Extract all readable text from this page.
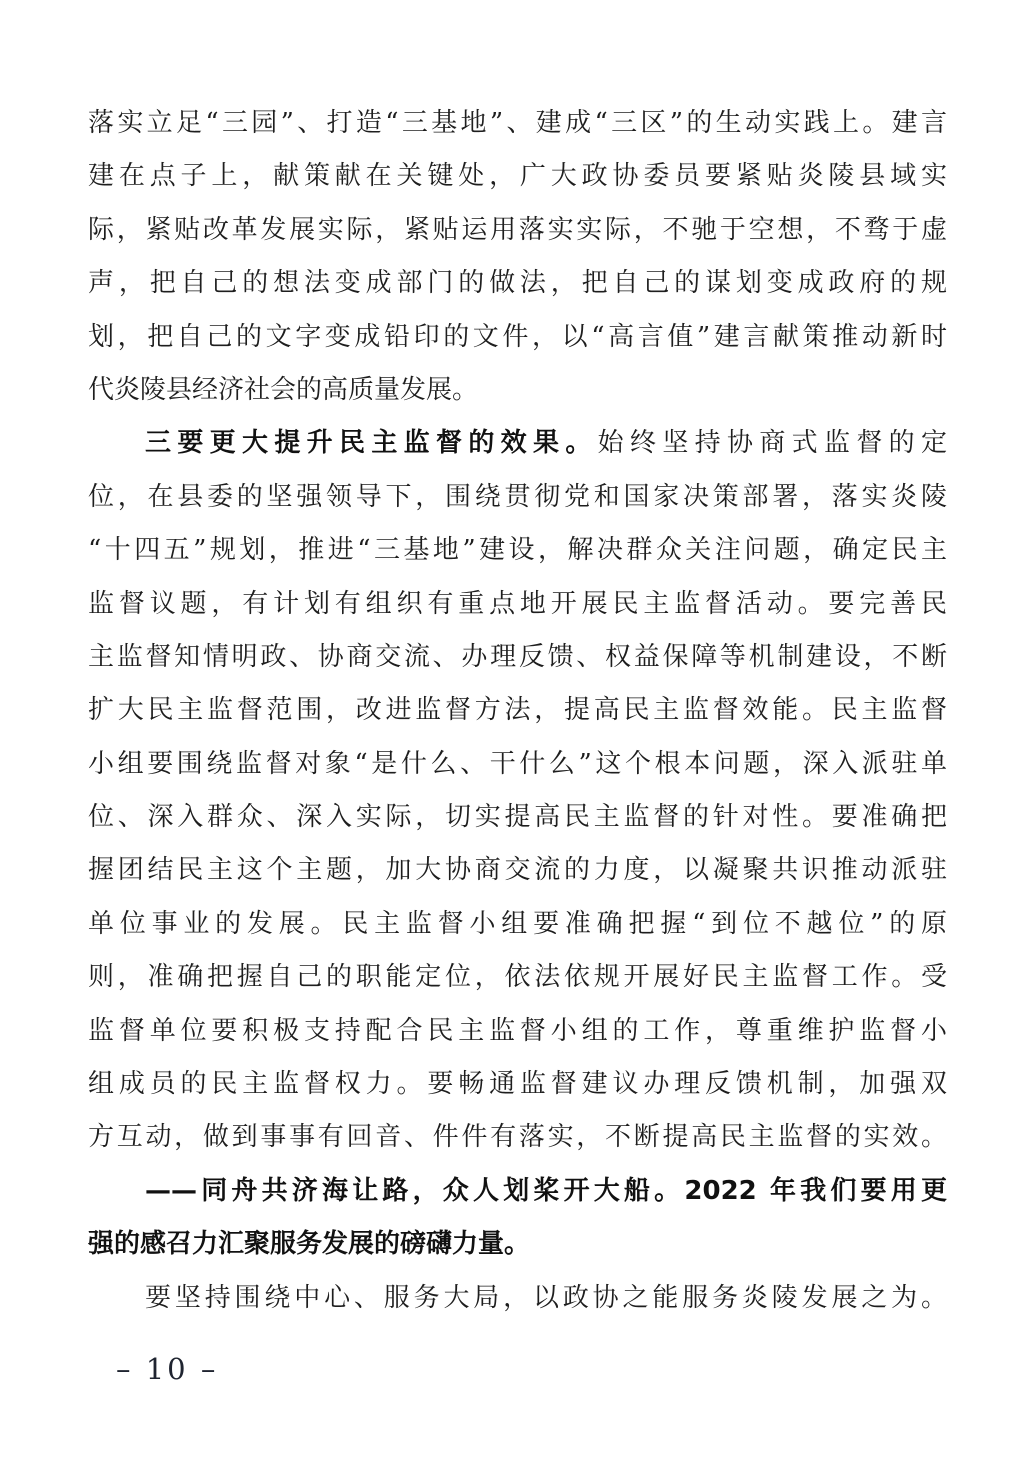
落实立足“三园”、打造“三基地”、建成“三区”的生动实践上。建言
建在点子上，献策献在关键处，广大政协委员要紧贴炎陵县域实
际，紧贴改革发展实际，紧贴运用落实实际，不驰于空想，不骛于虚
声，把自己的想法变成部门的做法，把自己的谋划变成政府的规
划，把自己的文字变成铅印的文件，以“高言值”建言献策推动新时
代炎陵县经济社会的高质量发展。
三要更大提升民主监督的效果。始终坚持协商式监督的定
位，在县委的坚强领导下，围绕贯彻党和国家决策部署，落实炎陵
“十四五”规划，推进“三基地”建设，解决群众关注问题，确定民主
监督议题，有计划有组织有重点地开展民主监督活动。要完善民
主监督知情明政、协商交流、办理反馈、权益保障等机制建设，不断
扩大民主监督范围，改进监督方法，提高民主监督效能。民主监督
小组要围绕监督对象“是什么、干什么”这个根本问题，深入派驻单
位、深入群众、深入实际，切实提高民主监督的针对性。要准确把
握团结民主这个主题，加大协商交流的力度，以凝聚共识推动派驻
单位事业的发展。民主监督小组要准确把握“到位不越位”的原
则，准确把握自己的职能定位，依法依规开展好民主监督工作。受
监督单位要积极支持配合民主监督小组的工作，尊重维护监督小
组成员的民主监督权力。要畅通监督建议办理反馈机制，加强双
方互动，做到事事有回音、件件有落实，不断提高民主监督的实效。
——同舟共济海让路，众人划桨开大船。2022 年我们要用更
强的感召力汇聚服务发展的磅礴力量。
要坚持围绕中心、服务大局，以政协之能服务炎陵发展之为。
– 10 –
